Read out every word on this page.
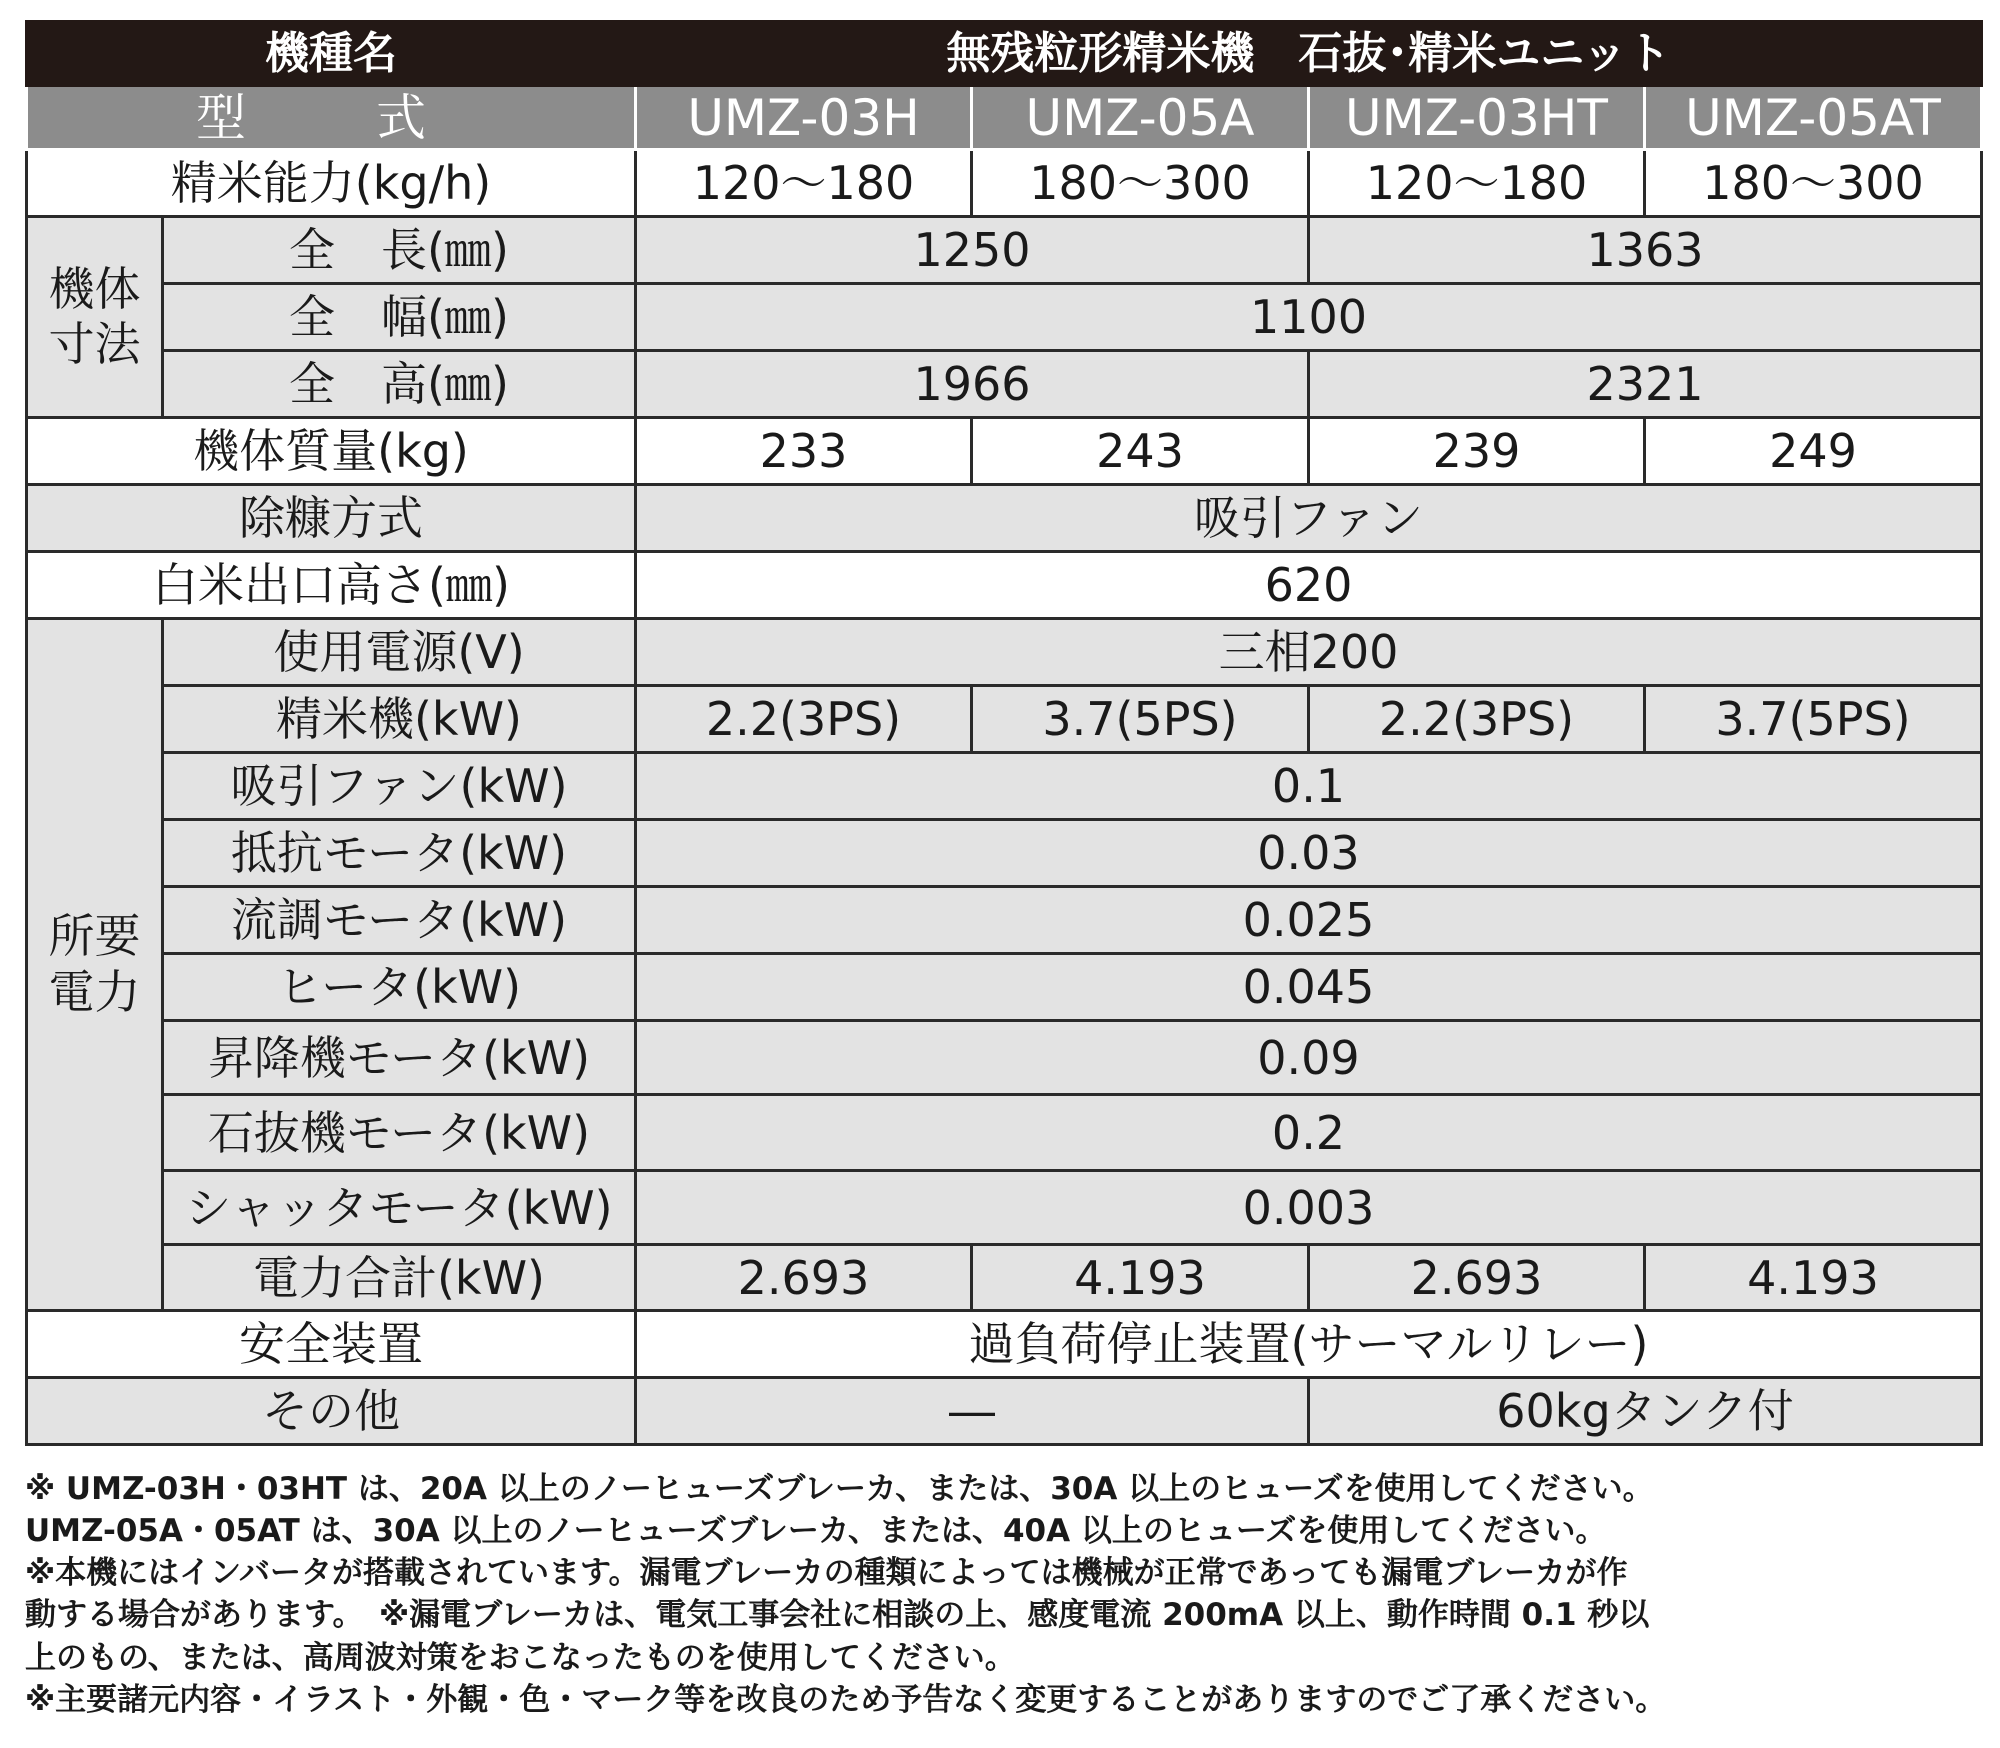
機種名		無残粒形精米機　石抜･精米ユニット			
型　式		UMZ-03H	UMZ-05A	UMZ-03HT	UMZ-05AT
精米能力(kg/h)		120〜180	180〜300	120〜180	180〜300
機体寸法	全　長(㎜)	1250		1363	
	全　幅(㎜)	1100			
	全　高(㎜)	1966		2321	
機体質量(kg)		233	243	239	249
除糠方式		吸引ファン			
白米出口高さ(㎜)		620			
所要電力	使用電源(V)	三相200			
	精米機(kW)	2.2(3PS)	3.7(5PS)	2.2(3PS)	3.7(5PS)
	吸引ファン(kW)	0.1			
	抵抗モータ(kW)	0.03			
	流調モータ(kW)	0.025			
	ヒータ(kW)	0.045			
	昇降機モータ(kW)	0.09			
	石抜機モータ(kW)	0.2			
	シャッタモータ(kW)	0.003			
	電力合計(kW)	2.693	4.193	2.693	4.193
安全装置		過負荷停止装置(サーマルリレー)			
その他		―		60kgタンク付	
※ UMZ-03H・03HT は、20A 以上のノーヒューズブレーカ、または、30A 以上のヒューズを使用してください。
UMZ-05A・05AT は、30A 以上のノーヒューズブレーカ、または、40A 以上のヒューズを使用してください。
※本機にはインバータが搭載されています。漏電ブレーカの種類によっては機械が正常であっても漏電ブレーカが作
動する場合があります。　※漏電ブレーカは、電気工事会社に相談の上、感度電流 200mA 以上、動作時間 0.1 秒以
上のもの、または、高周波対策をおこなったものを使用してください。
※主要諸元内容・イラスト・外観・色・マーク等を改良のため予告なく変更することがありますのでご了承ください。
